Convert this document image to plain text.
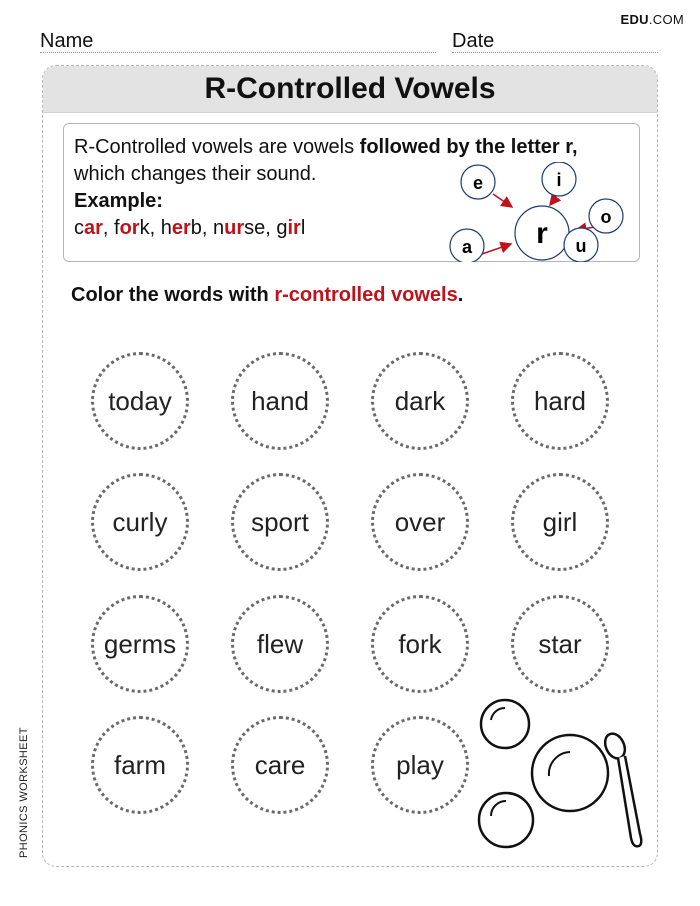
EDU.COM
Name	Date
R-Controlled Vowels
R-Controlled vowels are vowels followed by the letter r,
which changes their sound.
Example:
car, fork, herb, nurse, girl	r
e	i
o
a	u
Color the words with r-controlled vowels.
today	hand	dark	hard
curly	sport	over	girl
germs	flew	fork	star
farm	care	play
PHONICS WORKSHEET
